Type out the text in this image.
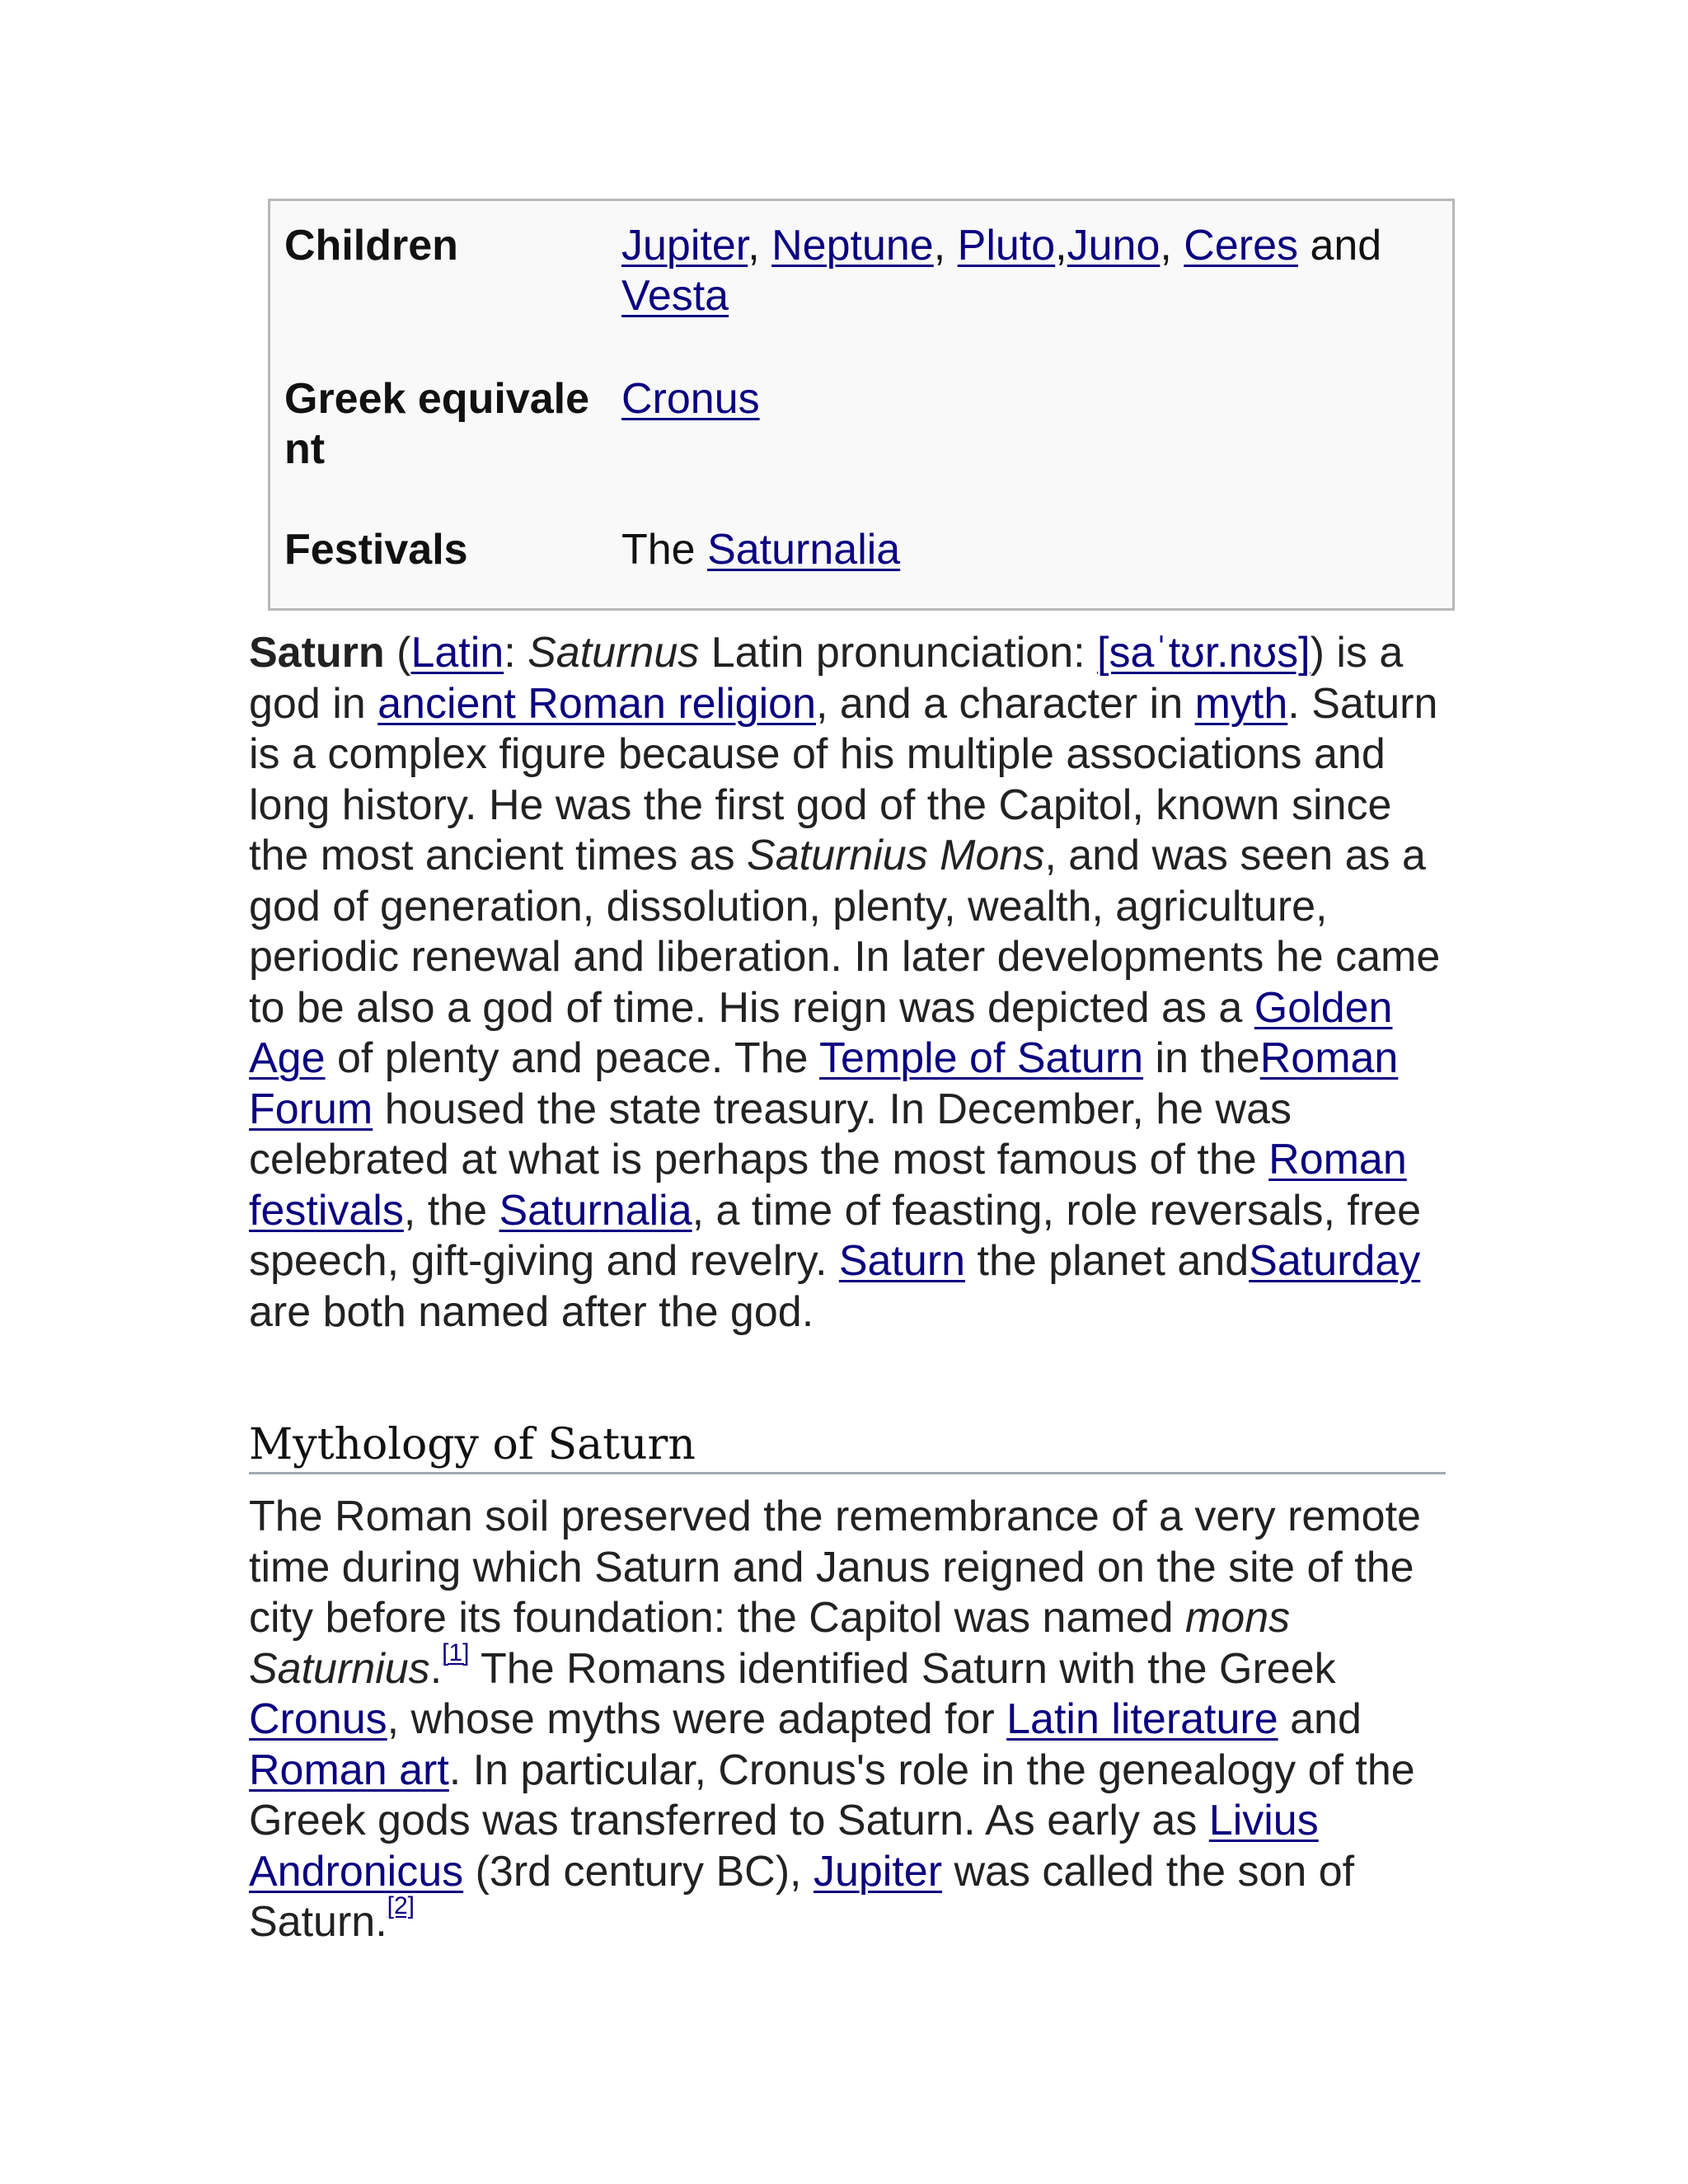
Children	Jupiter, Neptune, Pluto,Juno, Ceres and Vesta
Greek equivalent
Cronus
Festivals	The Saturnalia
Saturn (Latin: Saturnus Latin pronunciation: [saˈtʊr.nʊs]) is a god in ancient Roman religion, and a character in myth. Saturn is a complex figure because of his multiple associations and long history. He was the first god of the Capitol, known since the most ancient times as Saturnius Mons, and was seen as a god of generation, dissolution, plenty, wealth, agriculture, periodic renewal and liberation. In later developments he came to be also a god of time. His reign was depicted as a Golden Age of plenty and peace. The Temple of Saturn in theRoman Forum housed the state treasury. In December, he was celebrated at what is perhaps the most famous of the Roman festivals, the Saturnalia, a time of feasting, role reversals, free speech, gift-giving and revelry. Saturn the planet andSaturday are both named after the god.
Mythology of Saturn
The Roman soil preserved the remembrance of a very remote time during which Saturn and Janus reigned on the site of the city before its foundation: the Capitol was named mons Saturnius.[1] The Romans identified Saturn with the Greek Cronus, whose myths were adapted for Latin literature and Roman art. In particular, Cronus's role in the genealogy of the Greek gods was transferred to Saturn. As early as Livius Andronicus (3rd century BC), Jupiter was called the son of Saturn.[2]
